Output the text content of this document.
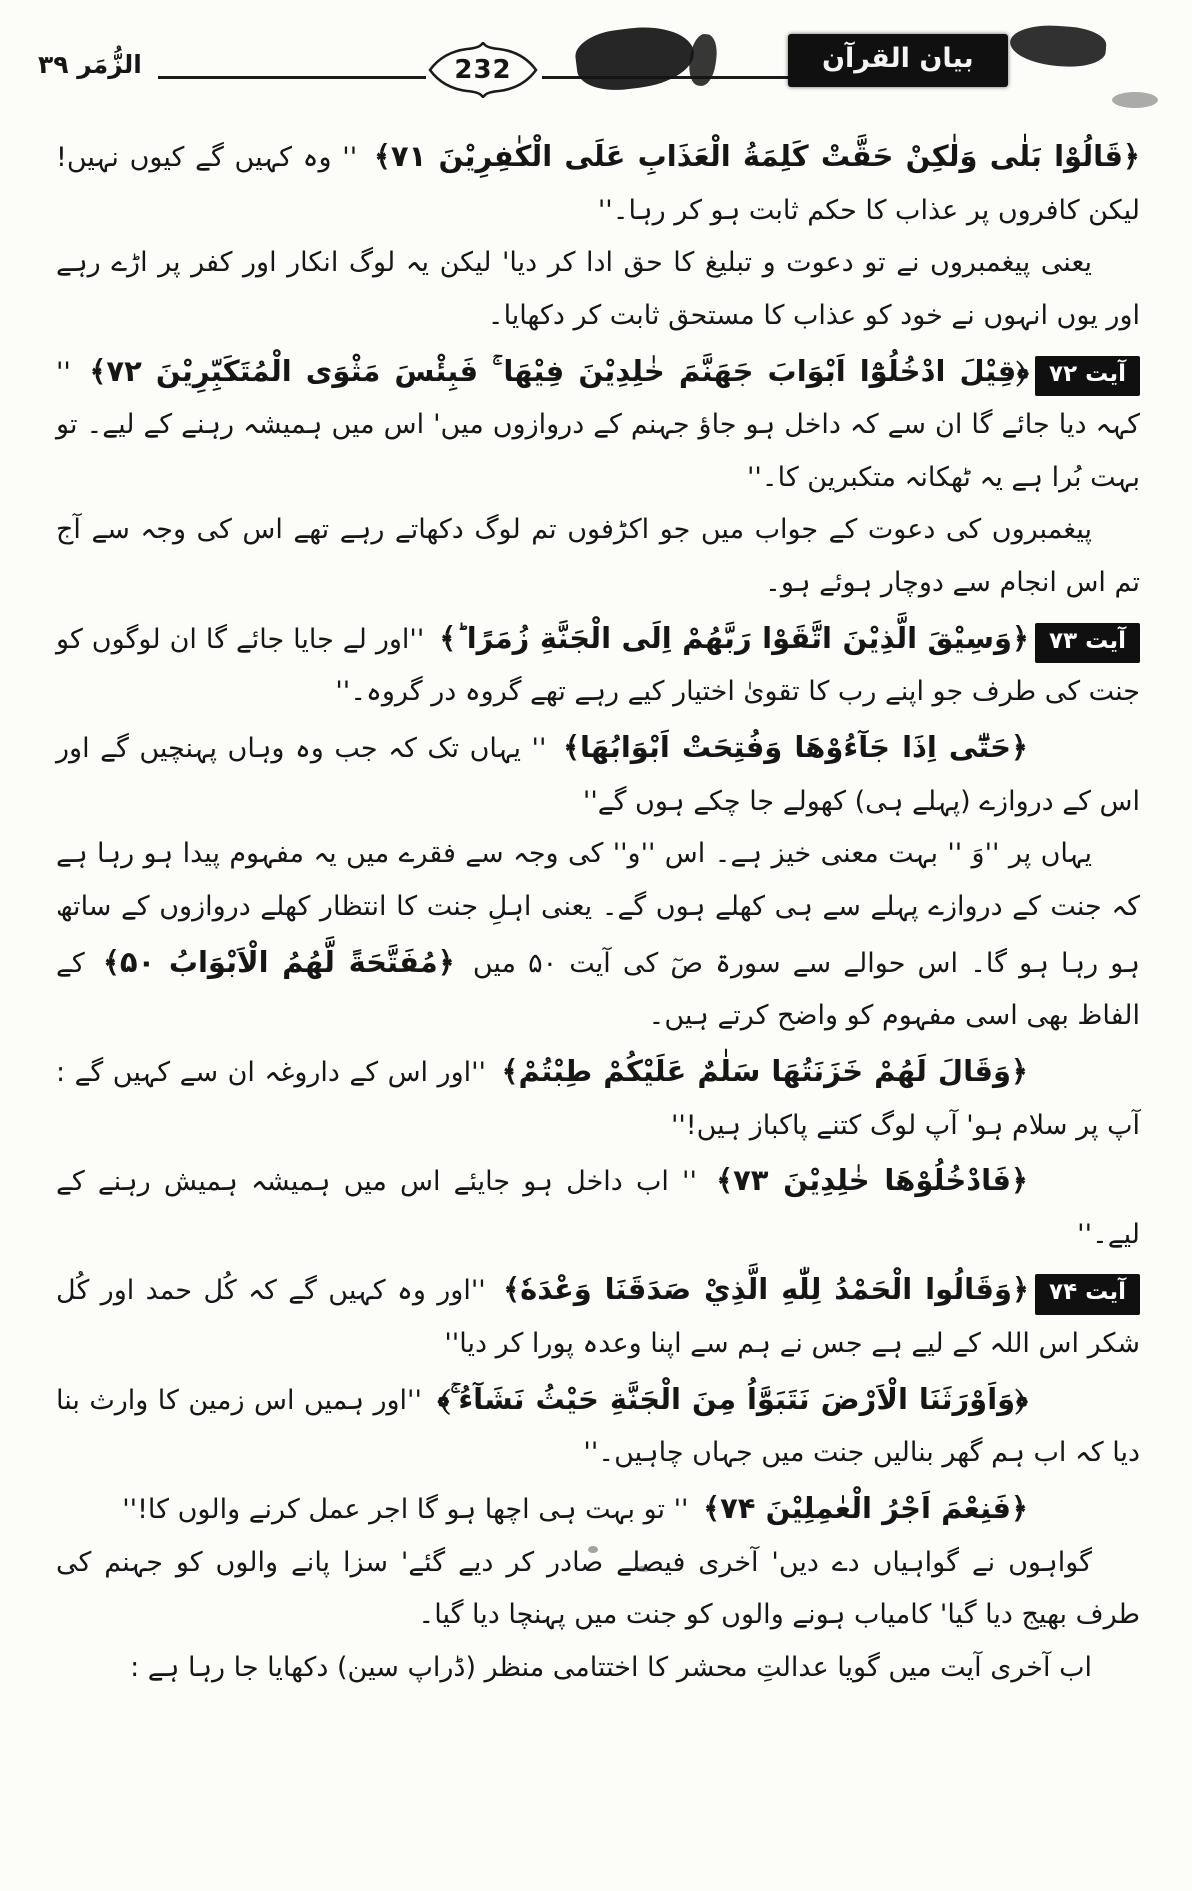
الزُّمَر ۳۹	232	بیان القرآن
﴿قَالُوْا بَلٰى وَلٰكِنْ حَقَّتْ كَلِمَةُ الْعَذَابِ عَلَى الْكٰفِرِيْنَ ۷۱﴾ '' وہ کہیں گے کیوں نہیں! لیکن کافروں پر عذاب کا حکم ثابت ہو کر رہا۔''
یعنی پیغمبروں نے تو دعوت و تبلیغ کا حق ادا کر دیا' لیکن یہ لوگ انکار اور کفر پر اڑے رہے اور یوں انہوں نے خود کو عذاب کا مستحق ثابت کر دکھایا۔
آیت ۷۲﴿قِيْلَ ادْخُلُوْٓا اَبْوَابَ جَهَنَّمَ خٰلِدِيْنَ فِيْهَا ۚ فَبِئْسَ مَثْوَى الْمُتَكَبِّرِيْنَ ۷۲﴾ '' کہہ دیا جائے گا ان سے کہ داخل ہو جاؤ جہنم کے دروازوں میں' اس میں ہمیشہ رہنے کے لیے۔ تو بہت بُرا ہے یہ ٹھکانہ متکبرین کا۔''
پیغمبروں کی دعوت کے جواب میں جو اکڑفوں تم لوگ دکھاتے رہے تھے اس کی وجہ سے آج تم اس انجام سے دوچار ہوئے ہو۔
آیت ۷۳﴿وَسِيْقَ الَّذِيْنَ اتَّقَوْا رَبَّهُمْ اِلَى الْجَنَّةِ زُمَرًا ؕ﴾ ''اور لے جایا جائے گا ان لوگوں کو جنت کی طرف جو اپنے رب کا تقویٰ اختیار کیے رہے تھے گروہ در گروہ۔''
﴿حَتّٰٓى اِذَا جَآءُوْهَا وَفُتِحَتْ اَبْوَابُهَا﴾ '' یہاں تک کہ جب وہ وہاں پہنچیں گے اور اس کے دروازے (پہلے ہی) کھولے جا چکے ہوں گے''
یہاں پر ''وَ '' بہت معنی خیز ہے۔ اس ''و'' کی وجہ سے فقرے میں یہ مفہوم پیدا ہو رہا ہے کہ جنت کے دروازے پہلے سے ہی کھلے ہوں گے۔ یعنی اہلِ جنت کا انتظار کھلے دروازوں کے ساتھ ہو رہا ہو گا۔ اس حوالے سے سورۃ صٓ کی آیت ۵۰ میں ﴿مُفَتَّحَةً لَّهُمُ الْاَبْوَابُ ۵۰﴾ کے الفاظ بھی اسی مفہوم کو واضح کرتے ہیں۔
﴿وَقَالَ لَهُمْ خَزَنَتُهَا سَلٰمٌ عَلَيْكُمْ طِبْتُمْ﴾ ''اور اس کے داروغہ ان سے کہیں گے : آپ پر سلام ہو' آپ لوگ کتنے پاکباز ہیں!''
﴿فَادْخُلُوْهَا خٰلِدِيْنَ ۷۳﴾ '' اب داخل ہو جایئے اس میں ہمیشہ ہمیش رہنے کے لیے۔''
آیت ۷۴﴿وَقَالُوا الْحَمْدُ لِلّٰهِ الَّذِيْ صَدَقَنَا وَعْدَهٗ﴾ ''اور وہ کہیں گے کہ کُل حمد اور کُل شکر اس اللہ کے لیے ہے جس نے ہم سے اپنا وعدہ پورا کر دیا''
﴿وَاَوْرَثَنَا الْاَرْضَ نَتَبَوَّاُ مِنَ الْجَنَّةِ حَيْثُ نَشَآءُ ۚ﴾ ''اور ہمیں اس زمین کا وارث بنا دیا کہ اب ہم گھر بنالیں جنت میں جہاں چاہیں۔''
﴿فَنِعْمَ اَجْرُ الْعٰمِلِيْنَ ۷۴﴾ '' تو بہت ہی اچھا ہو گا اجر عمل کرنے والوں کا!''
گواہوں نے گواہیاں دے دیں' آخری فیصلے صادر کر دیے گئے' سزا پانے والوں کو جہنم کی طرف بھیج دیا گیا' کامیاب ہونے والوں کو جنت میں پہنچا دیا گیا۔
اب آخری آیت میں گویا عدالتِ محشر کا اختتامی منظر (ڈراپ سین) دکھایا جا رہا ہے :
